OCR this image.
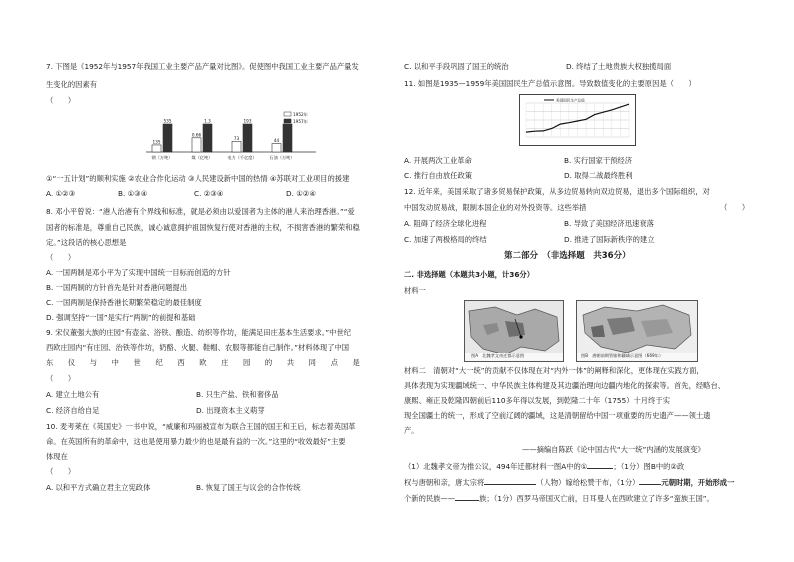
7. 下图是《1952年与1957年我国工业主要产品产量对比图》。促使图中我国工业主要产品产量发
生变化的因素有
（　　）
135
535
钢（万吨）
0.66
1.3
煤（亿吨）
73
193
电力（千亿度）
44
石油（万吨）
1952年
1957年
①“一五计划”的顺利实施 ②农业合作化运动 ③人民建设新中国的热情 ④苏联对工业项目的援建
A. ①②③	B. ①③④	C. ②③④	D. ①②④
8. 邓小平曾说：“港人治港有个界线和标准，就是必须由以爱国者为主体的港人来治理香港。”“爱
国者的标准是，尊重自己民族，诚心诚意拥护祖国恢复行使对香港的主权，不损害香港的繁荣和稳
定。”这段话的核心思想是
（　　）
A. 一国两制是邓小平为了实现中国统一目标而创造的方针
B. 一国两制的方针首先是针对香港问题提出
C. 一国两制是保持香港长期繁荣稳定的最佳制度
D. 强调坚持“一国”是实行“两制”的前提和基础
9. 宋仪董强大族的庄园“有壶盆、浴铁、酿造、纺织等作坊，能满足田庄基本生活要求。”中世纪
西欧庄园内“有庄园、治铁等作坊，奶酪、火腿、鞋帽、农服等都能自己制作。”材料体现了中国
东　　仪　　与　　中　　世　　纪　　西　　欧　　庄　　园　　的　　共　　同　　点　　是
（　　）
A. 建立土地公有	B. 只生产盐、铁和奢侈品
C. 经济自给自足	D. 出现资本主义萌芽
10. 麦考莱在《英国史》一书中说，“威廉和玛丽被宣布为联合王国的国王和王后，标志着英国革
命。在英国所有的革命中，这也是使用暴力最少的也是最有益的一次。”这里的“收效最好”主要
体现在
（　　）
A. 以和平方式确立君主立宪政体	B. 恢复了国王与议会的合作传统
C. 以和平手段巩固了国王的统治	D. 终结了土地贵族大权独揽局面
11. 如图是1935—1959年美国国民生产总值示意图。导致数值变化的主要原因是（　　）
美国国民生产总值
A. 开展两次工业革命	B. 实行国家干预经济
C. 推行自由放任政策	D. 取得二战最终胜利
12. 近年来，美国采取了诸多贸易保护政策，从多边贸易转向双边贸易，退出多个国际组织，对
中国发动贸易战，限制本国企业的对外投资等。这些举措	（　　）
A. 阻碍了经济全球化进程	B. 导致了美国经济迅速衰落
C. 加速了两极格局的终结	D. 推进了国际新秩序的建立
第二部分　（非选择题　共36分）
二. 非选择题（本题共3小题，计36分）
材料一
图A　北魏孝文帝迁都示意图	图B　唐朝前期管辖和疆域示意图（669年）
材料二　清朝对“大一统”的贡献不仅体现在对“内外一体”的阐释和深化，更体现在实践方面，
具体表现为实现疆域统一、中华民族主体构建及其边疆治理向边疆内地化的探索等。首先，经略台、
康熙、雍正及乾隆四朝前后110多年得以发展，到乾隆二十年（1755）十月终于实
现全国疆土的统一，形成了空前辽阔的疆域，这是清朝留给中国一项重要的历史遗产——领土遗
产。
——摘编自陈跃《论中国古代“大一统”内涵的发展演变》
（1）北魏孝文帝为推公议，494年迁都材料一图A中的①	；（1分）图B中的②政
权与唐朝和亲，唐太宗将	（人物）嫁给松赞干布，（1分）	元朝时期，开始形成一
个新的民族——	族；（1分）西罗马帝国灭亡前，日耳曼人在西欧建立了许多“蛮族王国”。
